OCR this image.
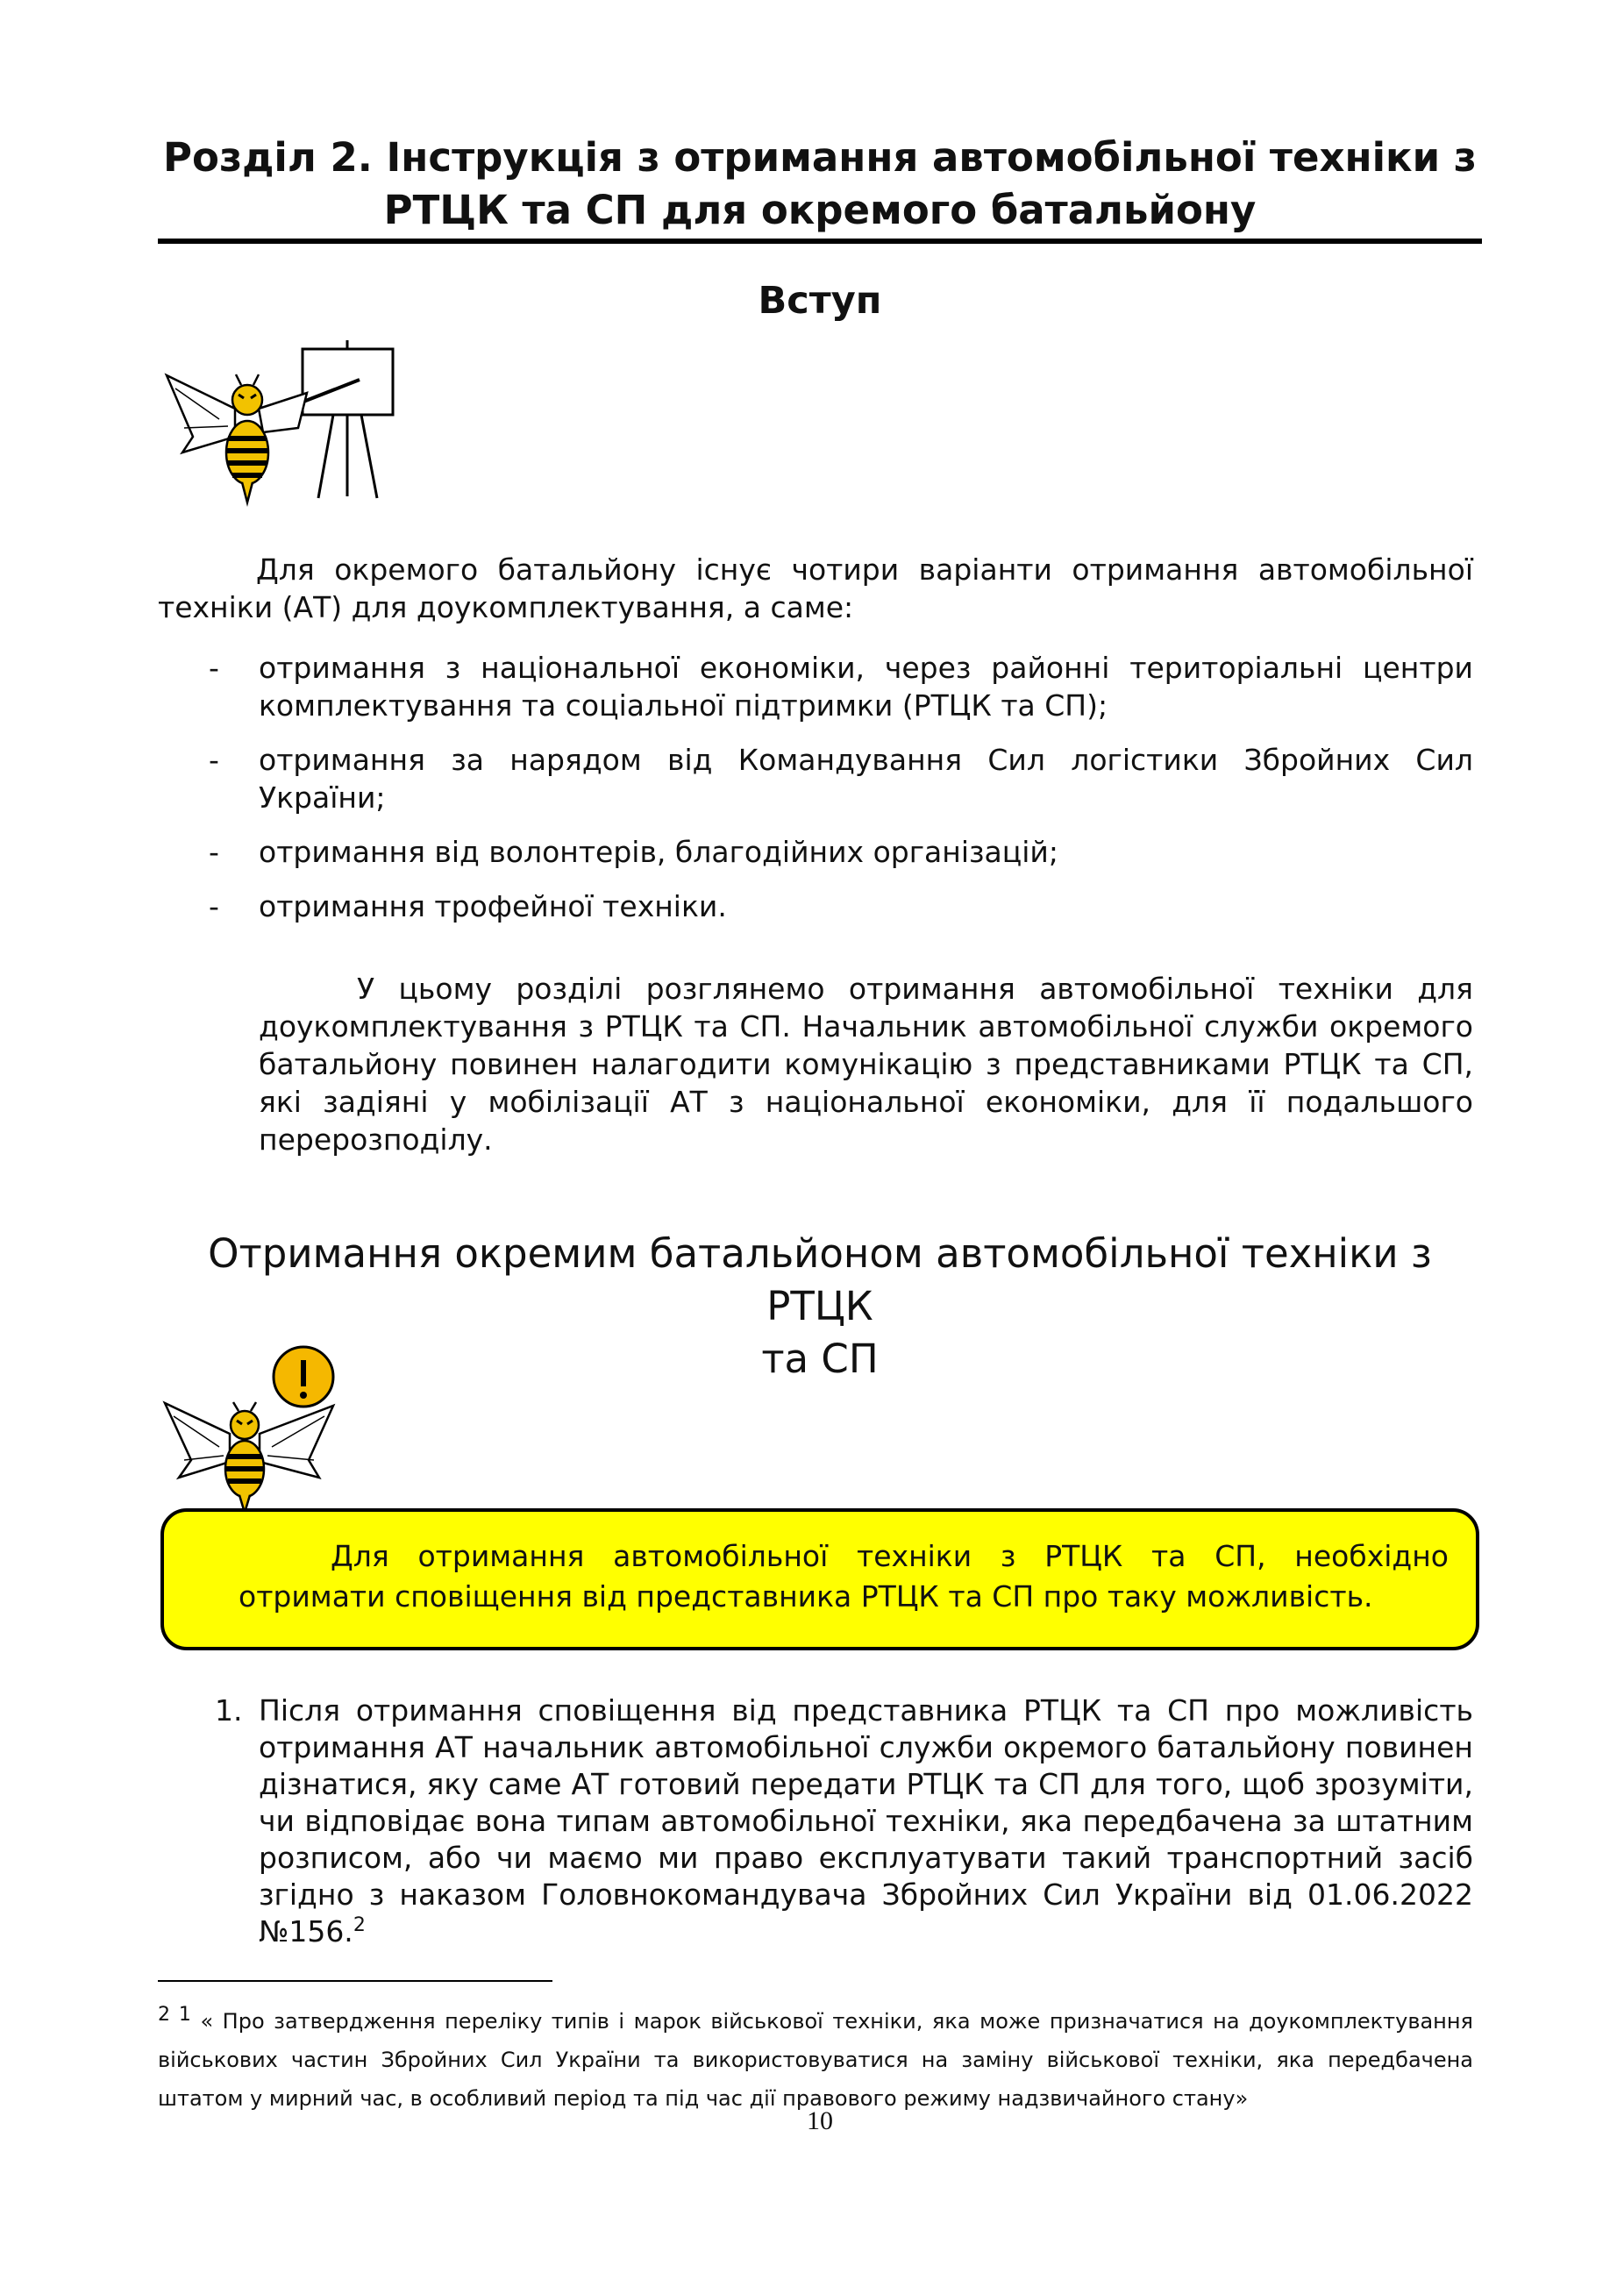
Розділ 2. Інструкція з отримання автомобільної техніки з
РТЦК та СП для окремого батальйону
Вступ

Для окремого батальйону існує чотири варіанти отримання автомобільної техніки (АТ) для доукомплектування, а саме:

- отримання з національної економіки, через районні територіальні центри комплектування та соціальної підтримки (РТЦК та СП);
- отримання за нарядом від Командування Сил логістики Збройних Сил України;
- отримання від волонтерів, благодійних організацій;
- отримання трофейної техніки.

У цьому розділі розглянемо отримання автомобільної техніки для доукомплектування з РТЦК та СП. Начальник автомобільної служби окремого батальйону повинен налагодити комунікацію з представниками РТЦК та СП, які задіяні у мобілізації АТ з національної економіки, для її подальшого перерозподілу.

Отримання окремим батальйоном автомобільної техніки з РТЦК
та СП
Для отримання автомобільної техніки з РТЦК та СП, необхідно отримати сповіщення від представника РТЦК та СП про таку можливість.
1. Після отримання сповіщення від представника РТЦК та СП про можливість отримання АТ начальник автомобільної служби окремого батальйону повинен дізнатися, яку саме АТ готовий передати РТЦК та СП для того, щоб зрозуміти, чи відповідає вона типам автомобільної техніки, яка передбачена за штатним розписом, або чи маємо ми право експлуатувати такий транспортний засіб згідно з наказом Головнокомандувача Збройних Сил України від 01.06.2022 №156.$^2$

$^{2 1}$ « Про затвердження переліку типів і марок військової техніки, яка може призначатися на доукомплектування військових частин Збройних Сил України та використовуватися на заміну військової техніки, яка передбачена штатом у мирний час, в особливий період та під час дії правового режиму надзвичайного стану»
10
